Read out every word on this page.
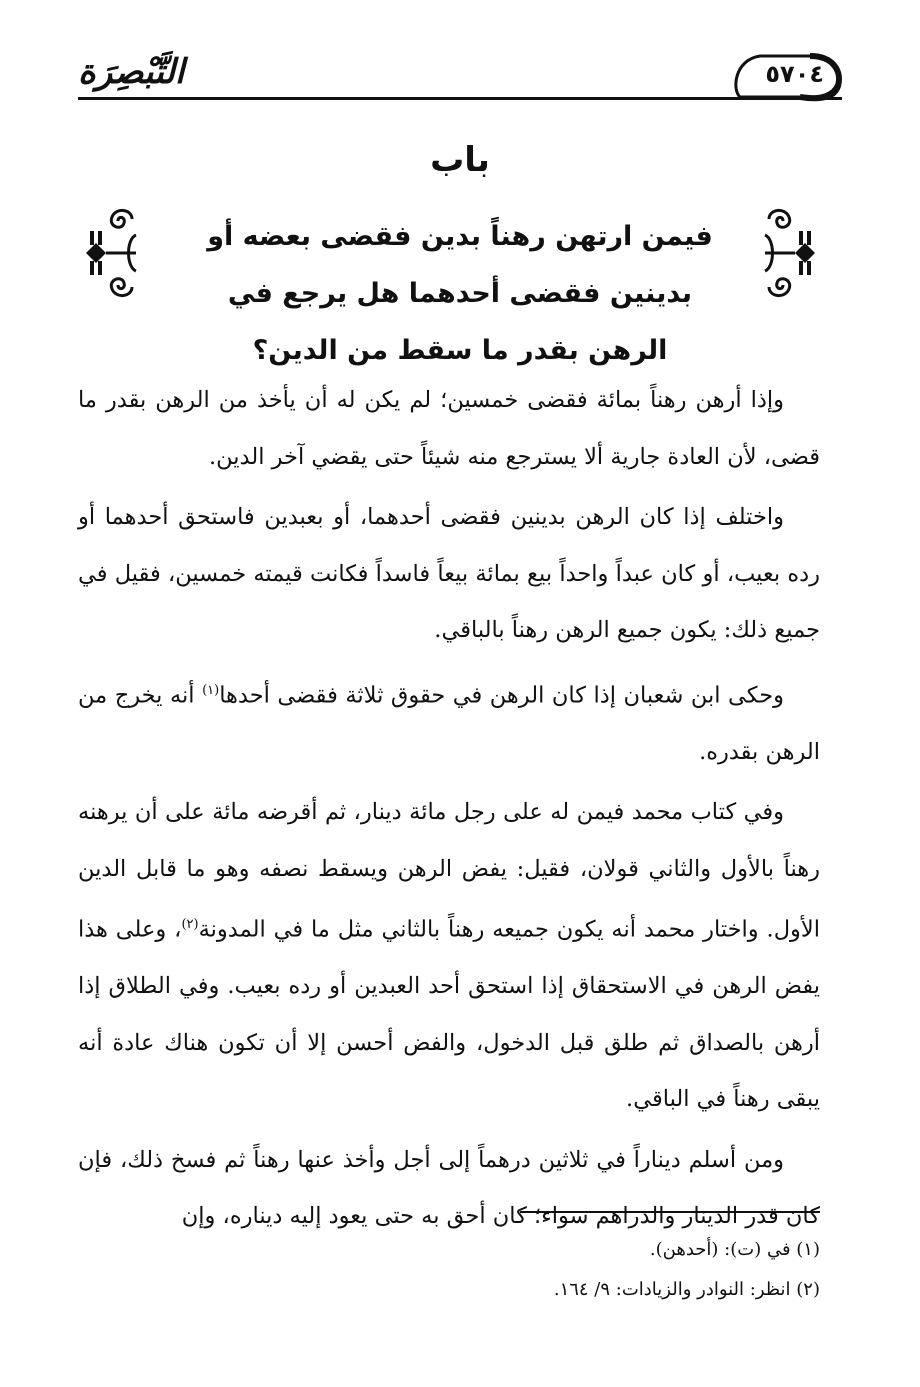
التَّبْصِرَة	٥٧٠٤
باب
فيمن ارتهن رهناً بدين فقضى بعضه أو بدينين فقضى أحدهما هل يرجع في الرهن بقدر ما سقط من الدين؟

وإذا أرهن رهناً بمائة فقضى خمسين؛ لم يكن له أن يأخذ من الرهن بقدر ما قضى، لأن العادة جارية ألا يسترجع منه شيئاً حتى يقضي آخر الدين.

واختلف إذا كان الرهن بدينين فقضى أحدهما، أو بعبدين فاستحق أحدهما أو رده بعيب، أو كان عبداً واحداً بيع بمائة بيعاً فاسداً فكانت قيمته خمسين، فقيل في جميع ذلك: يكون جميع الرهن رهناً بالباقي.

وحكى ابن شعبان إذا كان الرهن في حقوق ثلاثة فقضى أحدها$^{(١)}$ أنه يخرج من الرهن بقدره.

وفي كتاب محمد فيمن له على رجل مائة دينار، ثم أقرضه مائة على أن يرهنه رهناً بالأول والثاني قولان، فقيل: يفض الرهن ويسقط نصفه وهو ما قابل الدين الأول. واختار محمد أنه يكون جميعه رهناً بالثاني مثل ما في المدونة$^{(٢)}$، وعلى هذا يفض الرهن في الاستحقاق إذا استحق أحد العبدين أو رده بعيب. وفي الطلاق إذا أرهن بالصداق ثم طلق قبل الدخول، والفض أحسن إلا أن تكون هناك عادة أنه يبقى رهناً في الباقي.

ومن أسلم ديناراً في ثلاثين درهماً إلى أجل وأخذ عنها رهناً ثم فسخ ذلك، فإن كان قدر الدينار والدراهم سواء؛ كان أحق به حتى يعود إليه ديناره، وإن

(١) في (ت): (أحدهن).
(٢) انظر: النوادر والزيادات: ٩/ ١٦٤.
